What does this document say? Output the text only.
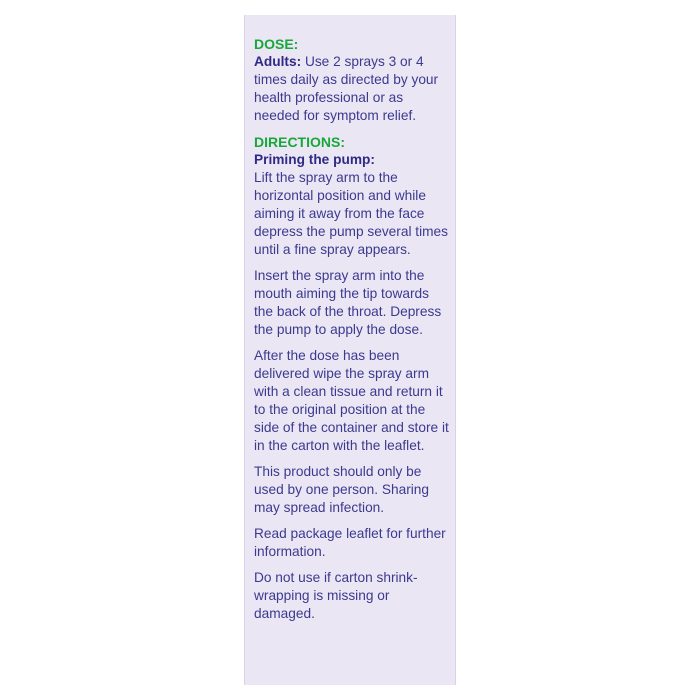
DOSE:

Adults: Use 2 sprays 3 or 4 times daily as directed by your health professional or as needed for symptom relief.

DIRECTIONS:

Priming the pump:

Lift the spray arm to the horizontal position and while aiming it away from the face depress the pump several times until a fine spray appears.

Insert the spray arm into the mouth aiming the tip towards the back of the throat. Depress the pump to apply the dose.

After the dose has been delivered wipe the spray arm with a clean tissue and return it to the original position at the side of the container and store it in the carton with the leaflet.

This product should only be used by one person. Sharing may spread infection.

Read package leaflet for further information.

Do not use if carton shrink-wrapping is missing or damaged.
